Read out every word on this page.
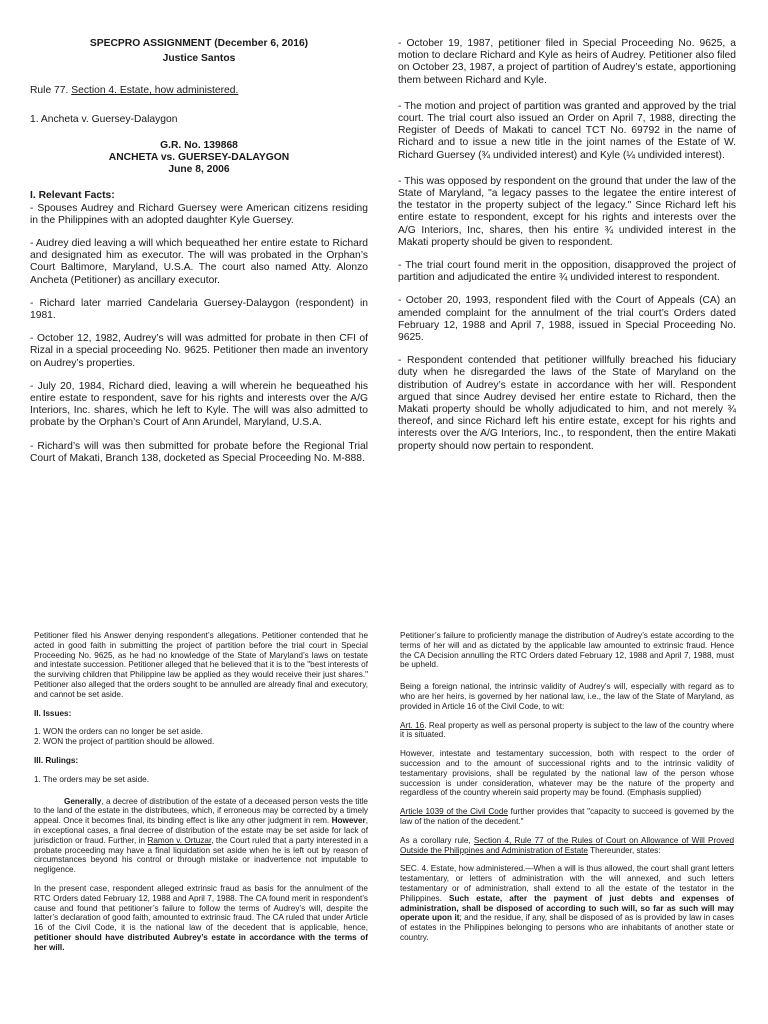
SPECPRO ASSIGNMENT (December 6, 2016)

Justice Santos

Rule 77. Section 4. Estate, how administered.

1. Ancheta v. Guersey-Dalaygon

G.R. No. 139868

ANCHETA vs. GUERSEY-DALAYGON

June 8, 2006

I. Relevant Facts:

- Spouses Audrey and Richard Guersey were American citizens residing in the Philippines with an adopted daughter Kyle Guersey.

- Audrey died leaving a will which bequeathed her entire estate to Richard and designated him as executor. The will was probated in the Orphan’s Court Baltimore, Maryland, U.S.A. The court also named Atty. Alonzo Ancheta (Petitioner) as ancillary executor.

- Richard later married Candelaria Guersey-Dalaygon (respondent) in 1981.

- October 12, 1982, Audrey’s will was admitted for probate in then CFI of Rizal in a special proceeding No. 9625. Petitioner then made an inventory on Audrey’s properties.

- July 20, 1984, Richard died, leaving a will wherein he bequeathed his entire estate to respondent, save for his rights and interests over the A/G Interiors, Inc. shares, which he left to Kyle. The will was also admitted to probate by the Orphan’s Court of Ann Arundel, Maryland, U.S.A.

- Richard’s will was then submitted for probate before the Regional Trial Court of Makati, Branch 138, docketed as Special Proceeding No. M-888.

- October 19, 1987, petitioner filed in Special Proceeding No. 9625, a motion to declare Richard and Kyle as heirs of Audrey. Petitioner also filed on October 23, 1987, a project of partition of Audrey’s estate, apportioning them between Richard and Kyle.

- The motion and project of partition was granted and approved by the trial court. The trial court also issued an Order on April 7, 1988, directing the Register of Deeds of Makati to cancel TCT No. 69792 in the name of Richard and to issue a new title in the joint names of the Estate of W. Richard Guersey (¾ undivided interest) and Kyle (¼ undivided interest).

- This was opposed by respondent on the ground that under the law of the State of Maryland, "a legacy passes to the legatee the entire interest of the testator in the property subject of the legacy." Since Richard left his entire estate to respondent, except for his rights and interests over the A/G Interiors, Inc, shares, then his entire ¾ undivided interest in the Makati property should be given to respondent.

- The trial court found merit in the opposition, disapproved the project of partition and adjudicated the entire ¾ undivided interest to respondent.

- October 20, 1993, respondent filed with the Court of Appeals (CA) an amended complaint for the annulment of the trial court’s Orders dated February 12, 1988 and April 7, 1988, issued in Special Proceeding No. 9625.

- Respondent contended that petitioner willfully breached his fiduciary duty when he disregarded the laws of the State of Maryland on the distribution of Audrey’s estate in accordance with her will. Respondent argued that since Audrey devised her entire estate to Richard, then the Makati property should be wholly adjudicated to him, and not merely ¾ thereof, and since Richard left his entire estate, except for his rights and interests over the A/G Interiors, Inc., to respondent, then the entire Makati property should now pertain to respondent.

Petitioner filed his Answer denying respondent’s allegations. Petitioner contended that he acted in good faith in submitting the project of partition before the trial court in Special Proceeding No. 9625, as he had no knowledge of the State of Maryland’s laws on testate and intestate succession. Petitioner alleged that he believed that it is to the "best interests of the surviving children that Philippine law be applied as they would receive their just shares." Petitioner also alleged that the orders sought to be annulled are already final and executory, and cannot be set aside.

II. Issues:

1. WON the orders can no longer be set aside.

2. WON the project of partition should be allowed.

III. Rulings:

1. The orders may be set aside.

Generally, a decree of distribution of the estate of a deceased person vests the title to the land of the estate in the distributees, which, if erroneous may be corrected by a timely appeal. Once it becomes final, its binding effect is like any other judgment in rem. However, in exceptional cases, a final decree of distribution of the estate may be set aside for lack of jurisdiction or fraud. Further, in Ramon v. Ortuzar, the Court ruled that a party interested in a probate proceeding may have a final liquidation set aside when he is left out by reason of circumstances beyond his control or through mistake or inadvertence not imputable to negligence.

In the present case, respondent alleged extrinsic fraud as basis for the annulment of the RTC Orders dated February 12, 1988 and April 7, 1988. The CA found merit in respondent’s cause and found that petitioner’s failure to follow the terms of Audrey’s will, despite the latter’s declaration of good faith, amounted to extrinsic fraud. The CA ruled that under Article 16 of the Civil Code, it is the national law of the decedent that is applicable, hence, petitioner should have distributed Aubrey’s estate in accordance with the terms of her will.

Petitioner’s failure to proficiently manage the distribution of Audrey’s estate according to the terms of her will and as dictated by the applicable law amounted to extrinsic fraud. Hence the CA Decision annulling the RTC Orders dated February 12, 1988 and April 7, 1988, must be upheld.

Being a foreign national, the intrinsic validity of Audrey’s will, especially with regard as to who are her heirs, is governed by her national law, i.e., the law of the State of Maryland, as provided in Article 16 of the Civil Code, to wit:

Art. 16. Real property as well as personal property is subject to the law of the country where it is situated.

However, intestate and testamentary succession, both with respect to the order of succession and to the amount of successional rights and to the intrinsic validity of testamentary provisions, shall be regulated by the national law of the person whose succession is under consideration, whatever may be the nature of the property and regardless of the country wherein said property may be found. (Emphasis supplied)

Article 1039 of the Civil Code further provides that "capacity to succeed is governed by the law of the nation of the decedent."

As a corollary rule, Section 4, Rule 77 of the Rules of Court on Allowance of Will Proved Outside the Philippines and Administration of Estate Thereunder, states:

SEC. 4. Estate, how administered.—When a will is thus allowed, the court shall grant letters testamentary, or letters of administration with the will annexed, and such letters testamentary or of administration, shall extend to all the estate of the testator in the Philippines. Such estate, after the payment of just debts and expenses of administration, shall be disposed of according to such will, so far as such will may operate upon it; and the residue, if any, shall be disposed of as is provided by law in cases of estates in the Philippines belonging to persons who are inhabitants of another state or country.
